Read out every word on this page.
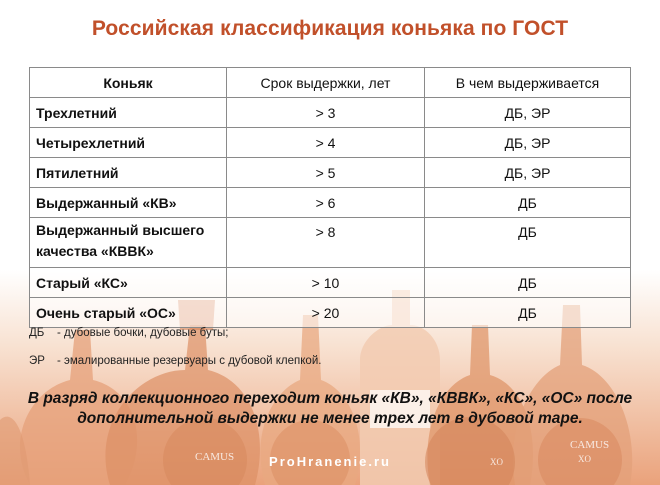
CAMUS
CAMUS
XO
XO
Российская классификация коньяка по ГОСТ
Коньяк	Срок выдержки, лет	В чем выдерживается
Трехлетний	> 3	ДБ, ЭР
Четырехлетний	> 4	ДБ, ЭР
Пятилетний	> 5	ДБ, ЭР
Выдержанный «КВ»	> 6	ДБ
Выдержанный высшего
качества «КВВК»	> 8	ДБ
Старый «КС»	> 10	ДБ
Очень старый «ОС»	> 20	ДБ
ДБ - дубовые бочки, дубовые буты;
ЭР - эмалированные резервуары с дубовой клепкой.
В разряд коллекционного переходит коньяк «КВ», «КВВК», «КС», «ОС» после
дополнительной выдержки не менее трех лет в дубовой таре.
ProHranenie.ru
